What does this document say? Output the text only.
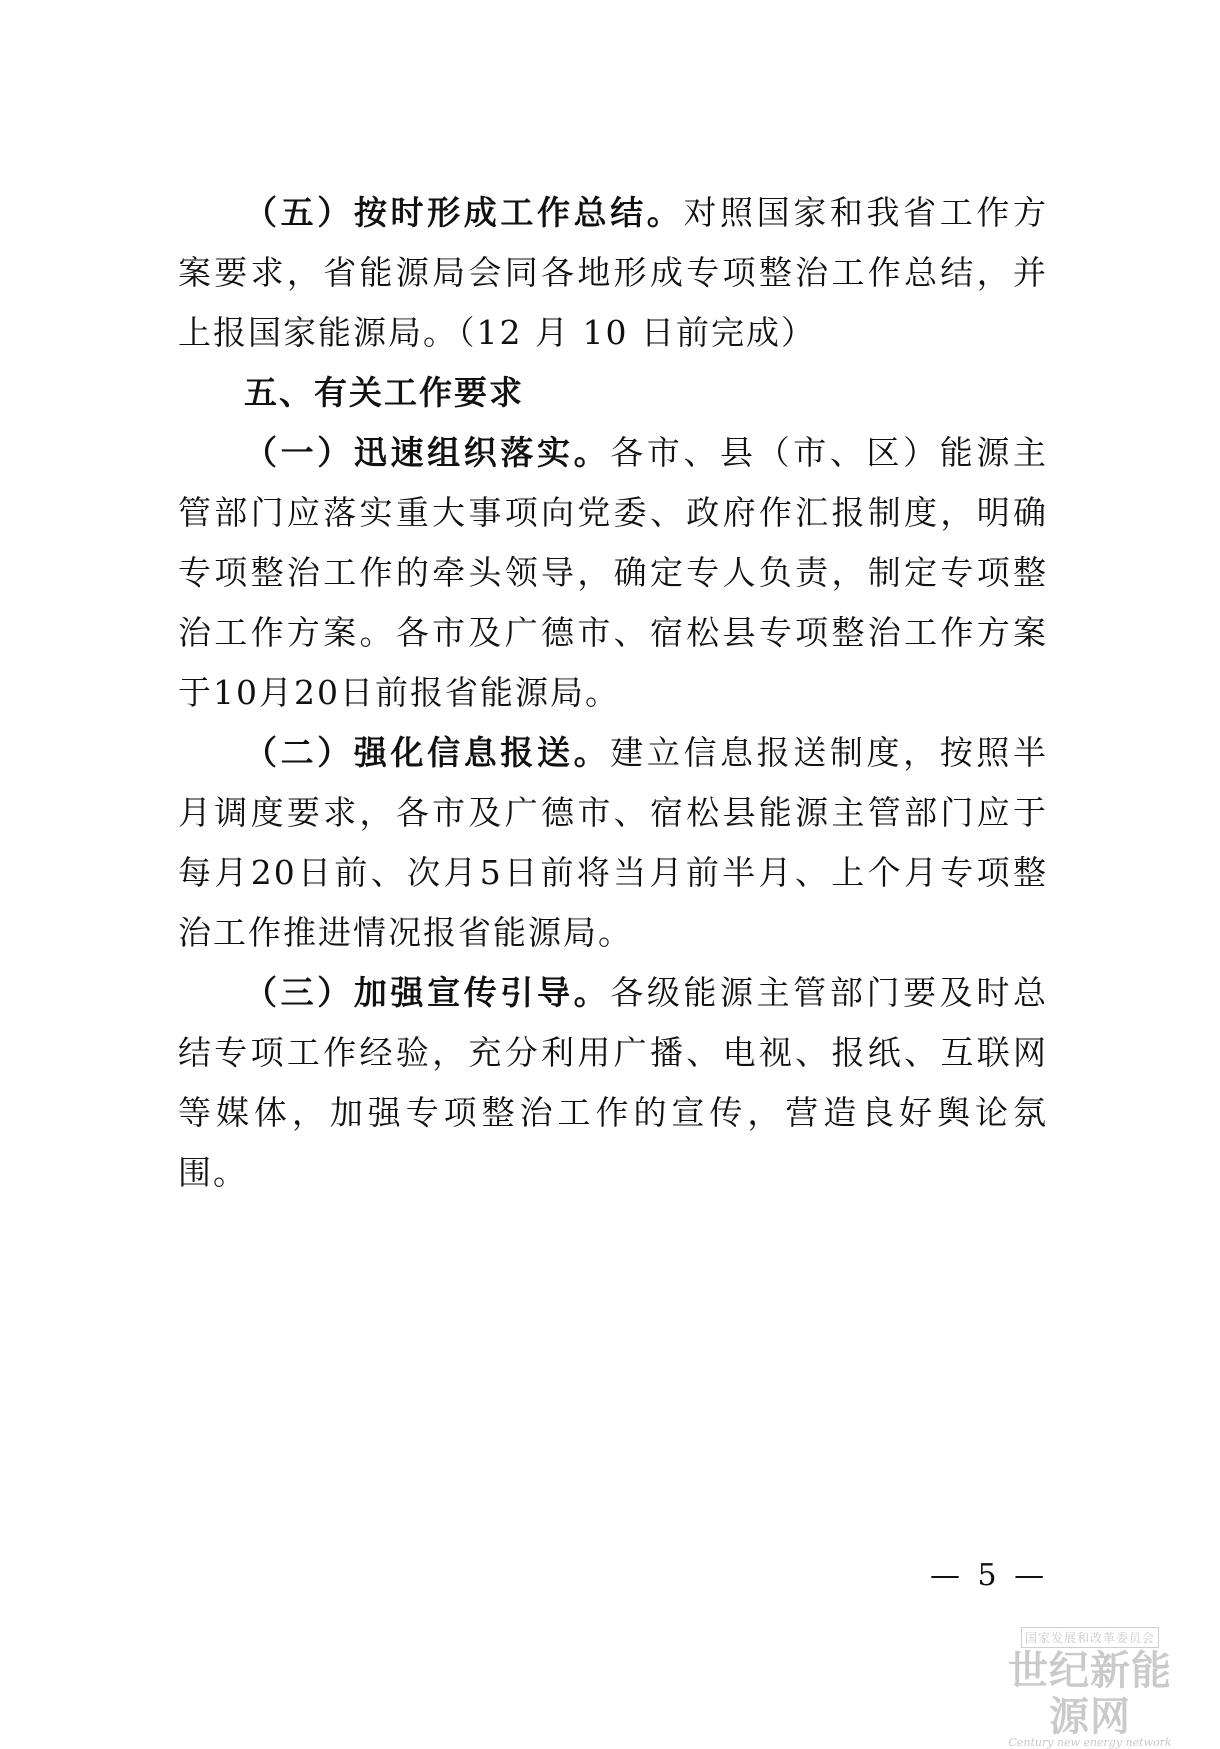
（五）按时形成工作总结。对照国家和我省工作方案要求，省能源局会同各地形成专项整治工作总结，并上报国家能源局。（12 月 10 日前完成）

五、有关工作要求

（一）迅速组织落实。各市、县（市、区）能源主管部门应落实重大事项向党委、政府作汇报制度，明确专项整治工作的牵头领导，确定专人负责，制定专项整治工作方案。各市及广德市、宿松县专项整治工作方案于10月20日前报省能源局。

（二）强化信息报送。建立信息报送制度，按照半月调度要求，各市及广德市、宿松县能源主管部门应于每月20日前、次月5日前将当月前半月、上个月专项整治工作推进情况报省能源局。

（三）加强宣传引导。各级能源主管部门要及时总结专项工作经验，充分利用广播、电视、报纸、互联网等媒体，加强专项整治工作的宣传，营造良好舆论氛围。

— 5 —
国家发展和改革委员会
世纪新能源网
Century new energy network
